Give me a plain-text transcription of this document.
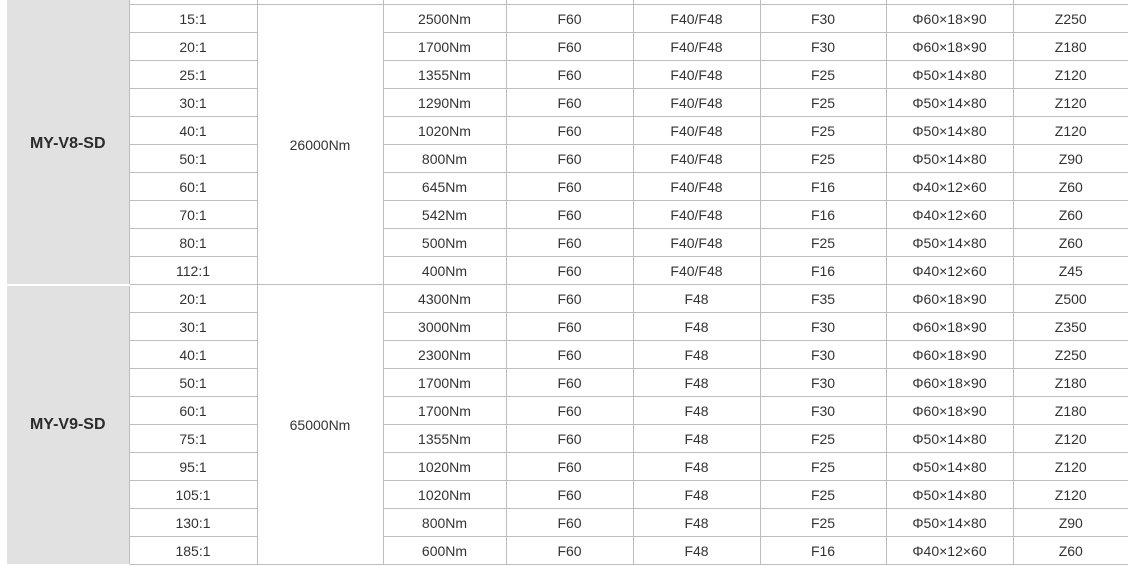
MY-V8-SD	15:1	26000Nm	2500Nm	F60	F40/F48	F30	Φ60×18×90	Z250
	20:1		1700Nm	F60	F40/F48	F30	Φ60×18×90	Z180
	25:1		1355Nm	F60	F40/F48	F25	Φ50×14×80	Z120
	30:1		1290Nm	F60	F40/F48	F25	Φ50×14×80	Z120
	40:1		1020Nm	F60	F40/F48	F25	Φ50×14×80	Z120
	50:1		800Nm	F60	F40/F48	F25	Φ50×14×80	Z90
	60:1		645Nm	F60	F40/F48	F16	Φ40×12×60	Z60
	70:1		542Nm	F60	F40/F48	F16	Φ40×12×60	Z60
	80:1		500Nm	F60	F40/F48	F25	Φ50×14×80	Z60
	112:1		400Nm	F60	F40/F48	F16	Φ40×12×60	Z45
MY-V9-SD	20:1	65000Nm	4300Nm	F60	F48	F35	Φ60×18×90	Z500
	30:1		3000Nm	F60	F48	F30	Φ60×18×90	Z350
	40:1		2300Nm	F60	F48	F30	Φ60×18×90	Z250
	50:1		1700Nm	F60	F48	F30	Φ60×18×90	Z180
	60:1		1700Nm	F60	F48	F30	Φ60×18×90	Z180
	75:1		1355Nm	F60	F48	F25	Φ50×14×80	Z120
	95:1		1020Nm	F60	F48	F25	Φ50×14×80	Z120
	105:1		1020Nm	F60	F48	F25	Φ50×14×80	Z120
	130:1		800Nm	F60	F48	F25	Φ50×14×80	Z90
	185:1		600Nm	F60	F48	F16	Φ40×12×60	Z60
